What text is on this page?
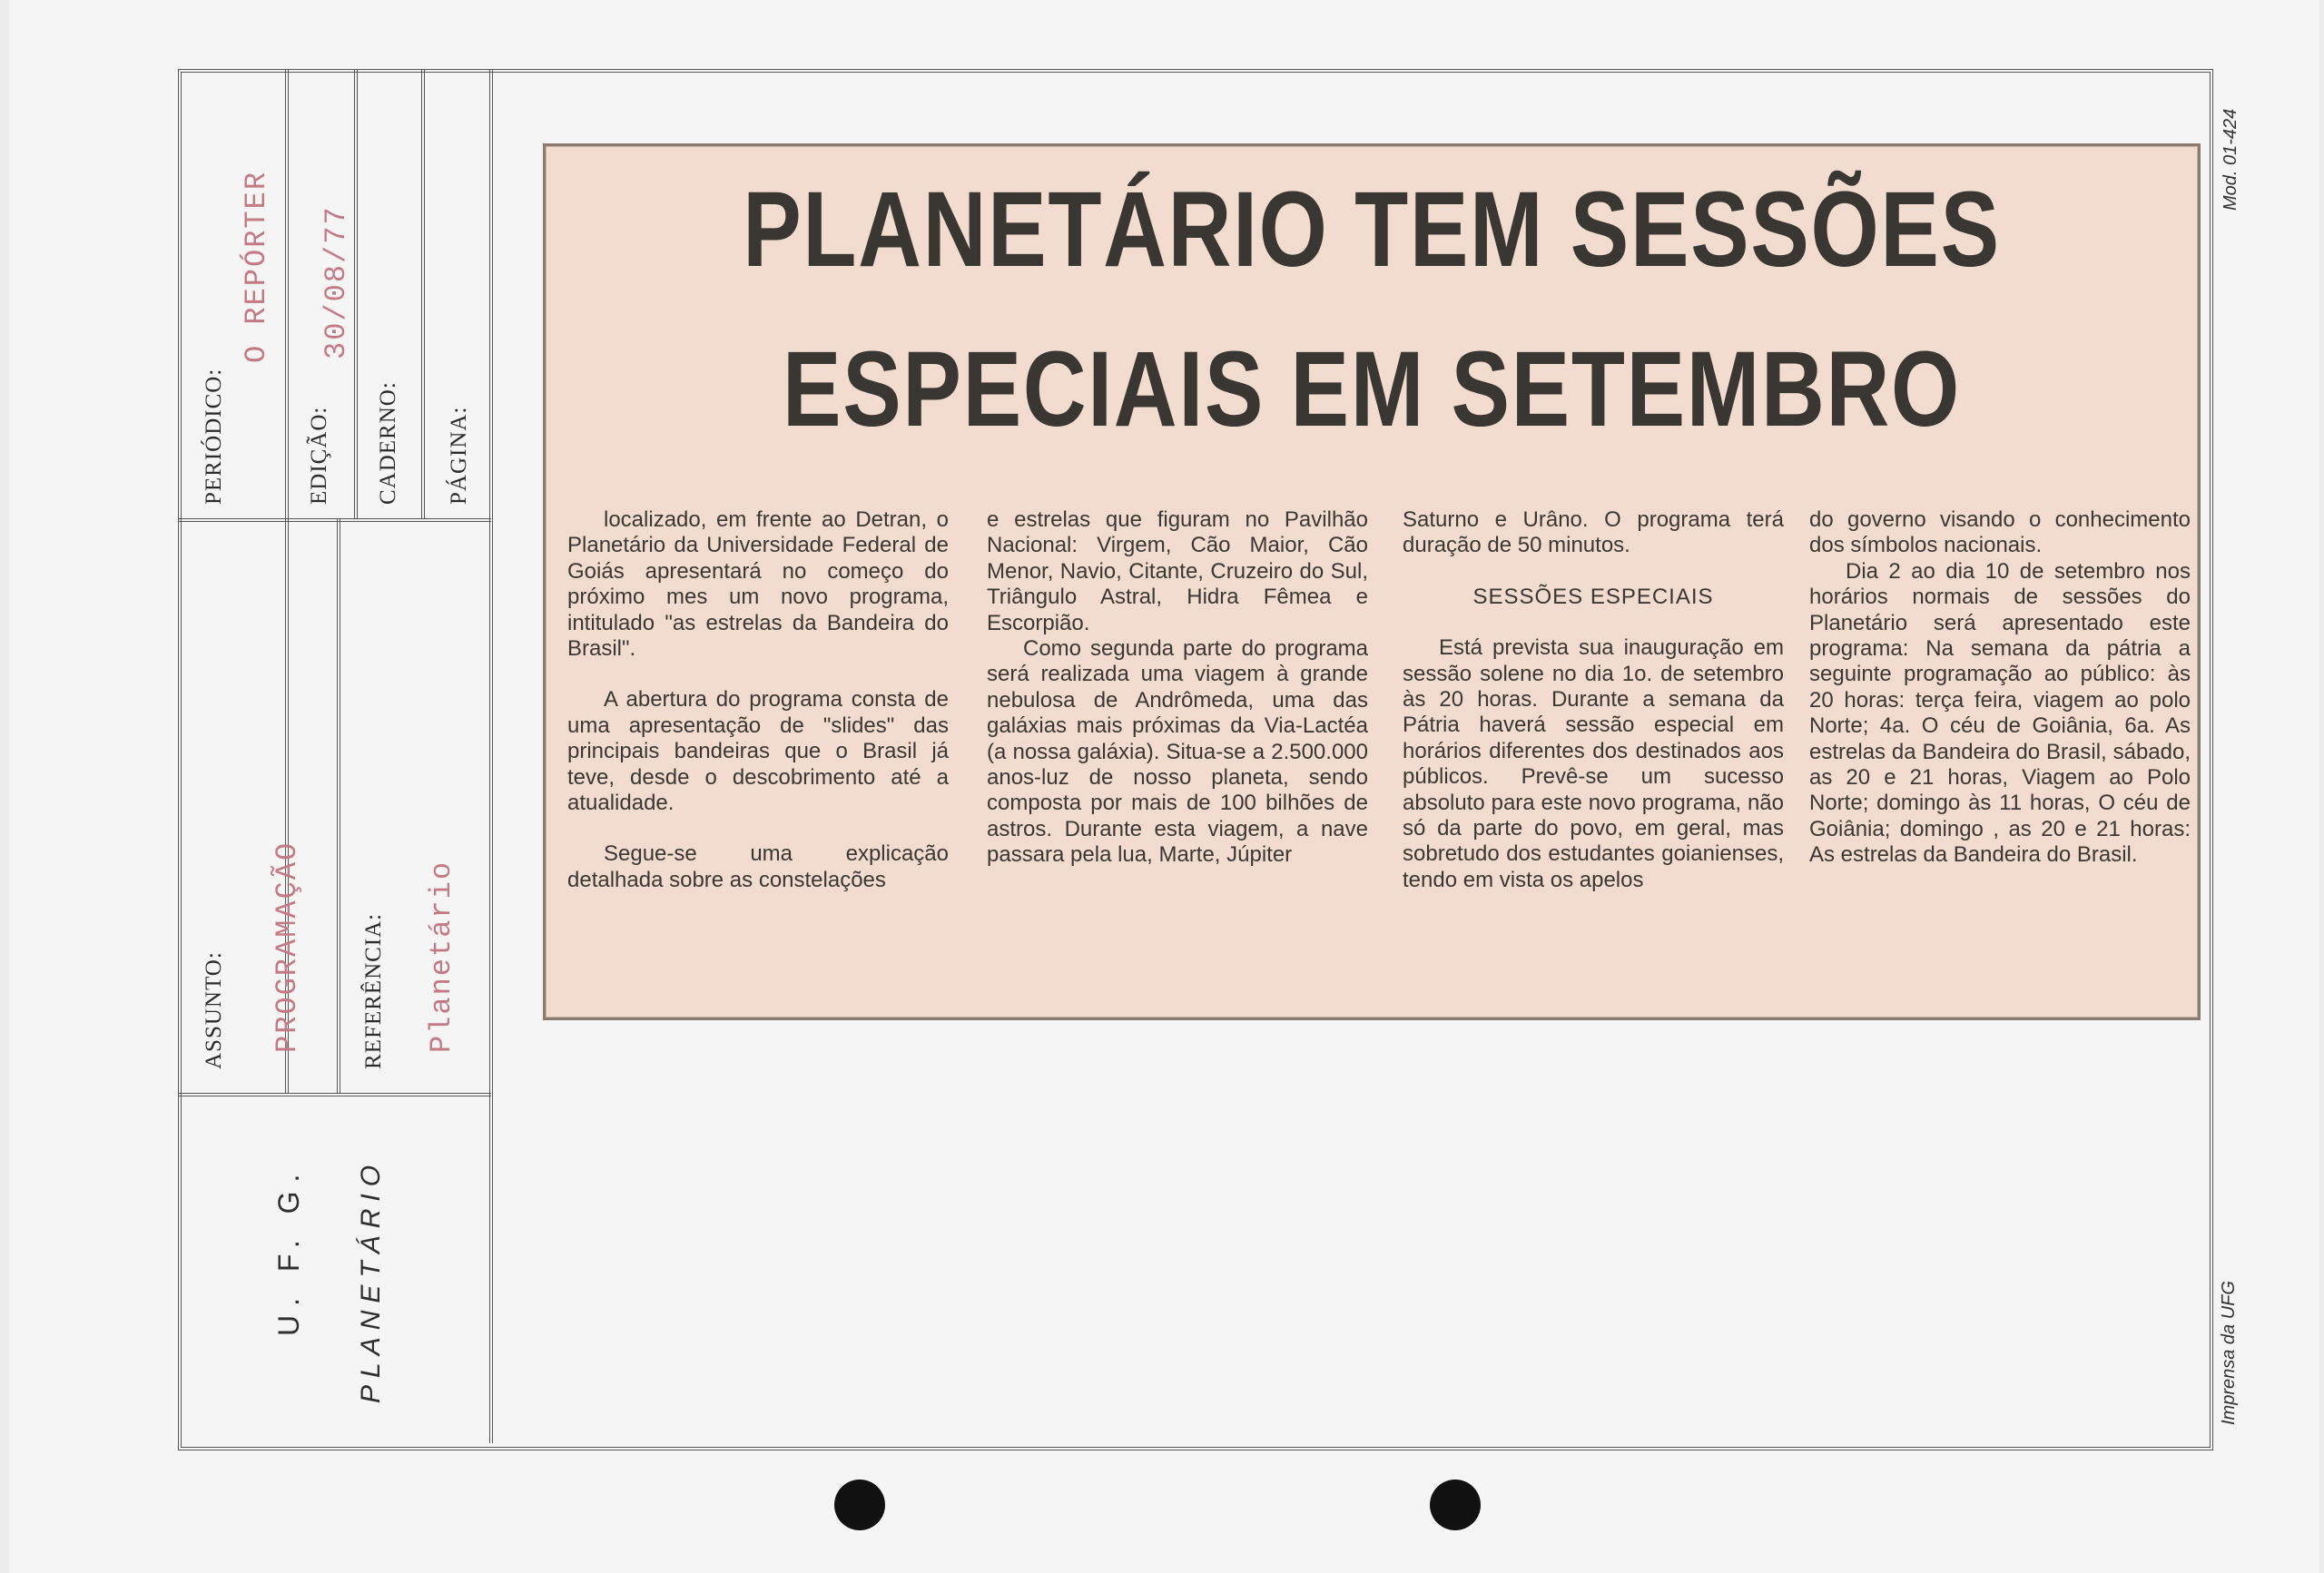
PERIÓDICO:
O REPÓRTER
EDIÇÃO:
30/08/77
CADERNO: PÁGINA:
ASSUNTO: PROGRAMAÇÃO	REFERÊNCIA: Planetário
U. F. G. PLANETÁRIO
Mod. 01-424
Imprensa da UFG
PLANETÁRIO TEM SESSÕES
ESPECIAIS EM SETEMBRO

localizado, em frente ao Detran, o Planetário da Universidade Federal de Goiás apresentará no começo do próximo mes um novo programa, intitulado "as estrelas da Bandeira do Brasil".

A abertura do programa consta de uma apresentação de "slides" das principais bandeiras que o Brasil já teve, desde o descobrimento até a atualidade.

Segue-se uma explicação detalhada sobre as constelações

e estrelas que figuram no Pavilhão Nacional: Virgem, Cão Maior, Cão Menor, Navio, Citante, Cruzeiro do Sul, Triângulo Astral, Hidra Fêmea e Escorpião.

Como segunda parte do programa será realizada uma viagem à grande nebulosa de Andrômeda, uma das galáxias mais próximas da Via-Lactéa (a nossa galáxia). Situa-se a 2.500.000 anos-luz de nosso planeta, sendo composta por mais de 100 bilhões de astros. Durante esta viagem, a nave passara pela lua, Marte, Júpiter

Saturno e Urâno. O programa terá duração de 50 minutos.

SESSÕES ESPECIAIS

Está prevista sua inauguração em sessão solene no dia 1o. de setembro às 20 horas. Durante a semana da Pátria haverá sessão especial em horários diferentes dos destinados aos públicos. Prevê-se um sucesso absoluto para este novo programa, não só da parte do povo, em geral, mas sobretudo dos estudantes goianienses, tendo em vista os apelos

do governo visando o conhecimento dos símbolos nacionais.

Dia 2 ao dia 10 de setembro nos horários normais de sessões do Planetário será apresentado este programa: Na semana da pátria a seguinte programação ao público: às 20 horas: terça feira, viagem ao polo Norte; 4a. O céu de Goiânia, 6a. As estrelas da Bandeira do Brasil, sábado, as 20 e 21 horas, Viagem ao Polo Norte; domingo às 11 horas, O céu de Goiânia; domingo , as 20 e 21 horas: As estrelas da Bandeira do Brasil.
